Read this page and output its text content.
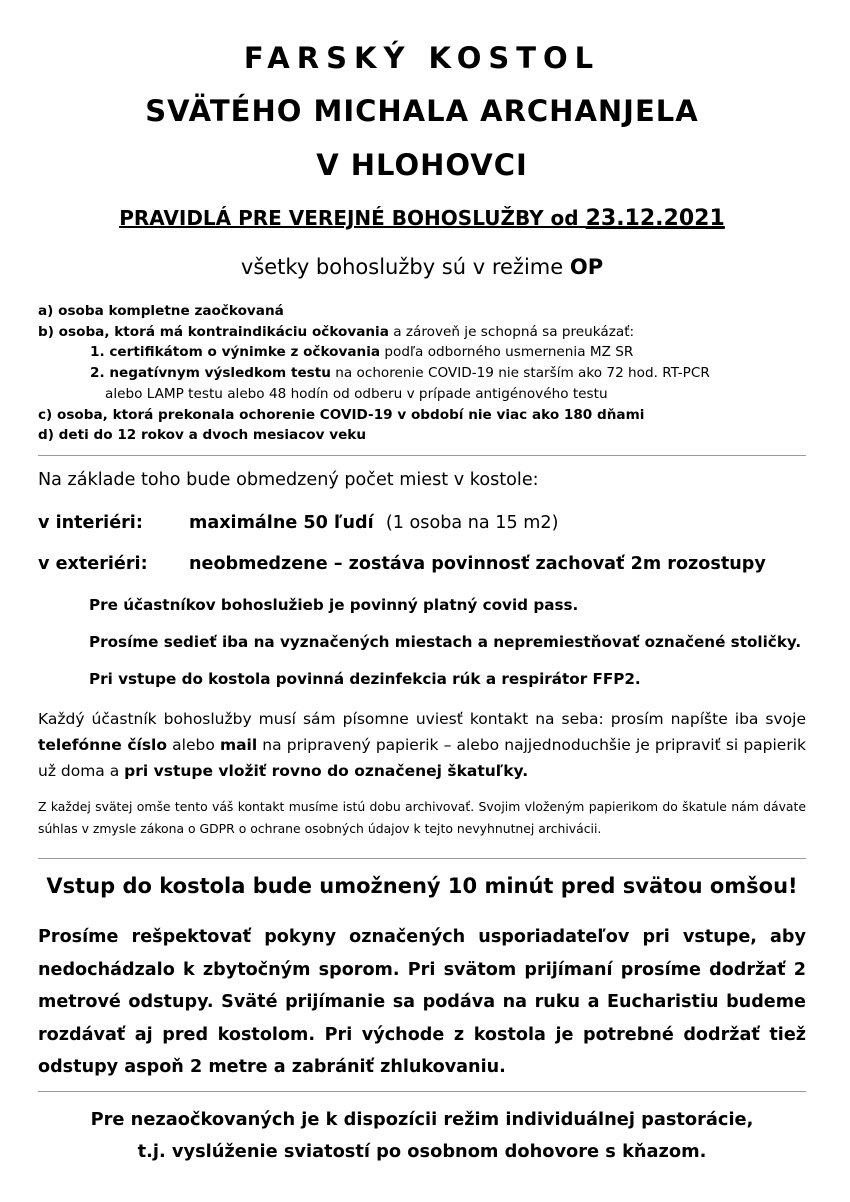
FARSKÝ KOSTOL
SVÄTÉHO MICHALA ARCHANJELA
V HLOHOVCI
PRAVIDLÁ PRE VEREJNÉ BOHOSLUŽBY od 23.12.2021
všetky bohoslužby sú v režime OP
a) osoba kompletne zaočkovaná
b) osoba, ktorá má kontraindikáciu očkovania a zároveň je schopná sa preukázať:
1. certifikátom o výnimke z očkovania podľa odborného usmernenia MZ SR
2. negatívnym výsledkom testu na ochorenie COVID-19 nie starším ako 72 hod. RT-PCR
alebo LAMP testu alebo 48 hodín od odberu v prípade antigénového testu
c) osoba, ktorá prekonala ochorenie COVID-19 v období nie viac ako 180 dňami
d) deti do 12 rokov a dvoch mesiacov veku
Na základe toho bude obmedzený počet miest v kostole:
v interiéri:	maximálne 50 ľudí (1 osoba na 15 m2)
v exteriéri: neobmedzene – zostáva povinnosť zachovať 2m rozostupy
Pre účastníkov bohoslužieb je povinný platný covid pass.
Prosíme sedieť iba na vyznačených miestach a nepremiestňovať označené stoličky.
Pri vstupe do kostola povinná dezinfekcia rúk a respirátor FFP2.
Každý účastník bohoslužby musí sám písomne uviesť kontakt na seba: prosím napíšte iba svoje telefónne číslo alebo mail na pripravený papierik – alebo najjednoduchšie je pripraviť si papierik už doma a pri vstupe vložiť rovno do označenej škatuľky.
Z každej svätej omše tento váš kontakt musíme istú dobu archivovať. Svojim vloženým papierikom do škatule nám dávate súhlas v zmysle zákona o GDPR o ochrane osobných údajov k tejto nevyhnutnej archivácii.
Vstup do kostola bude umožnený 10 minút pred svätou omšou!
Prosíme rešpektovať pokyny označených usporiadateľov pri vstupe, aby nedochádzalo k zbytočným sporom. Pri svätom prijímaní prosíme dodržať 2 metrové odstupy. Sväté prijímanie sa podáva na ruku a Eucharistiu budeme rozdávať aj pred kostolom. Pri východe z kostola je potrebné dodržať tiež odstupy aspoň 2 metre a zabrániť zhlukovaniu.
Pre nezaočkovaných je k dispozícii režim individuálnej pastorácie,
t.j. vyslúženie sviatostí po osobnom dohovore s kňazom.
